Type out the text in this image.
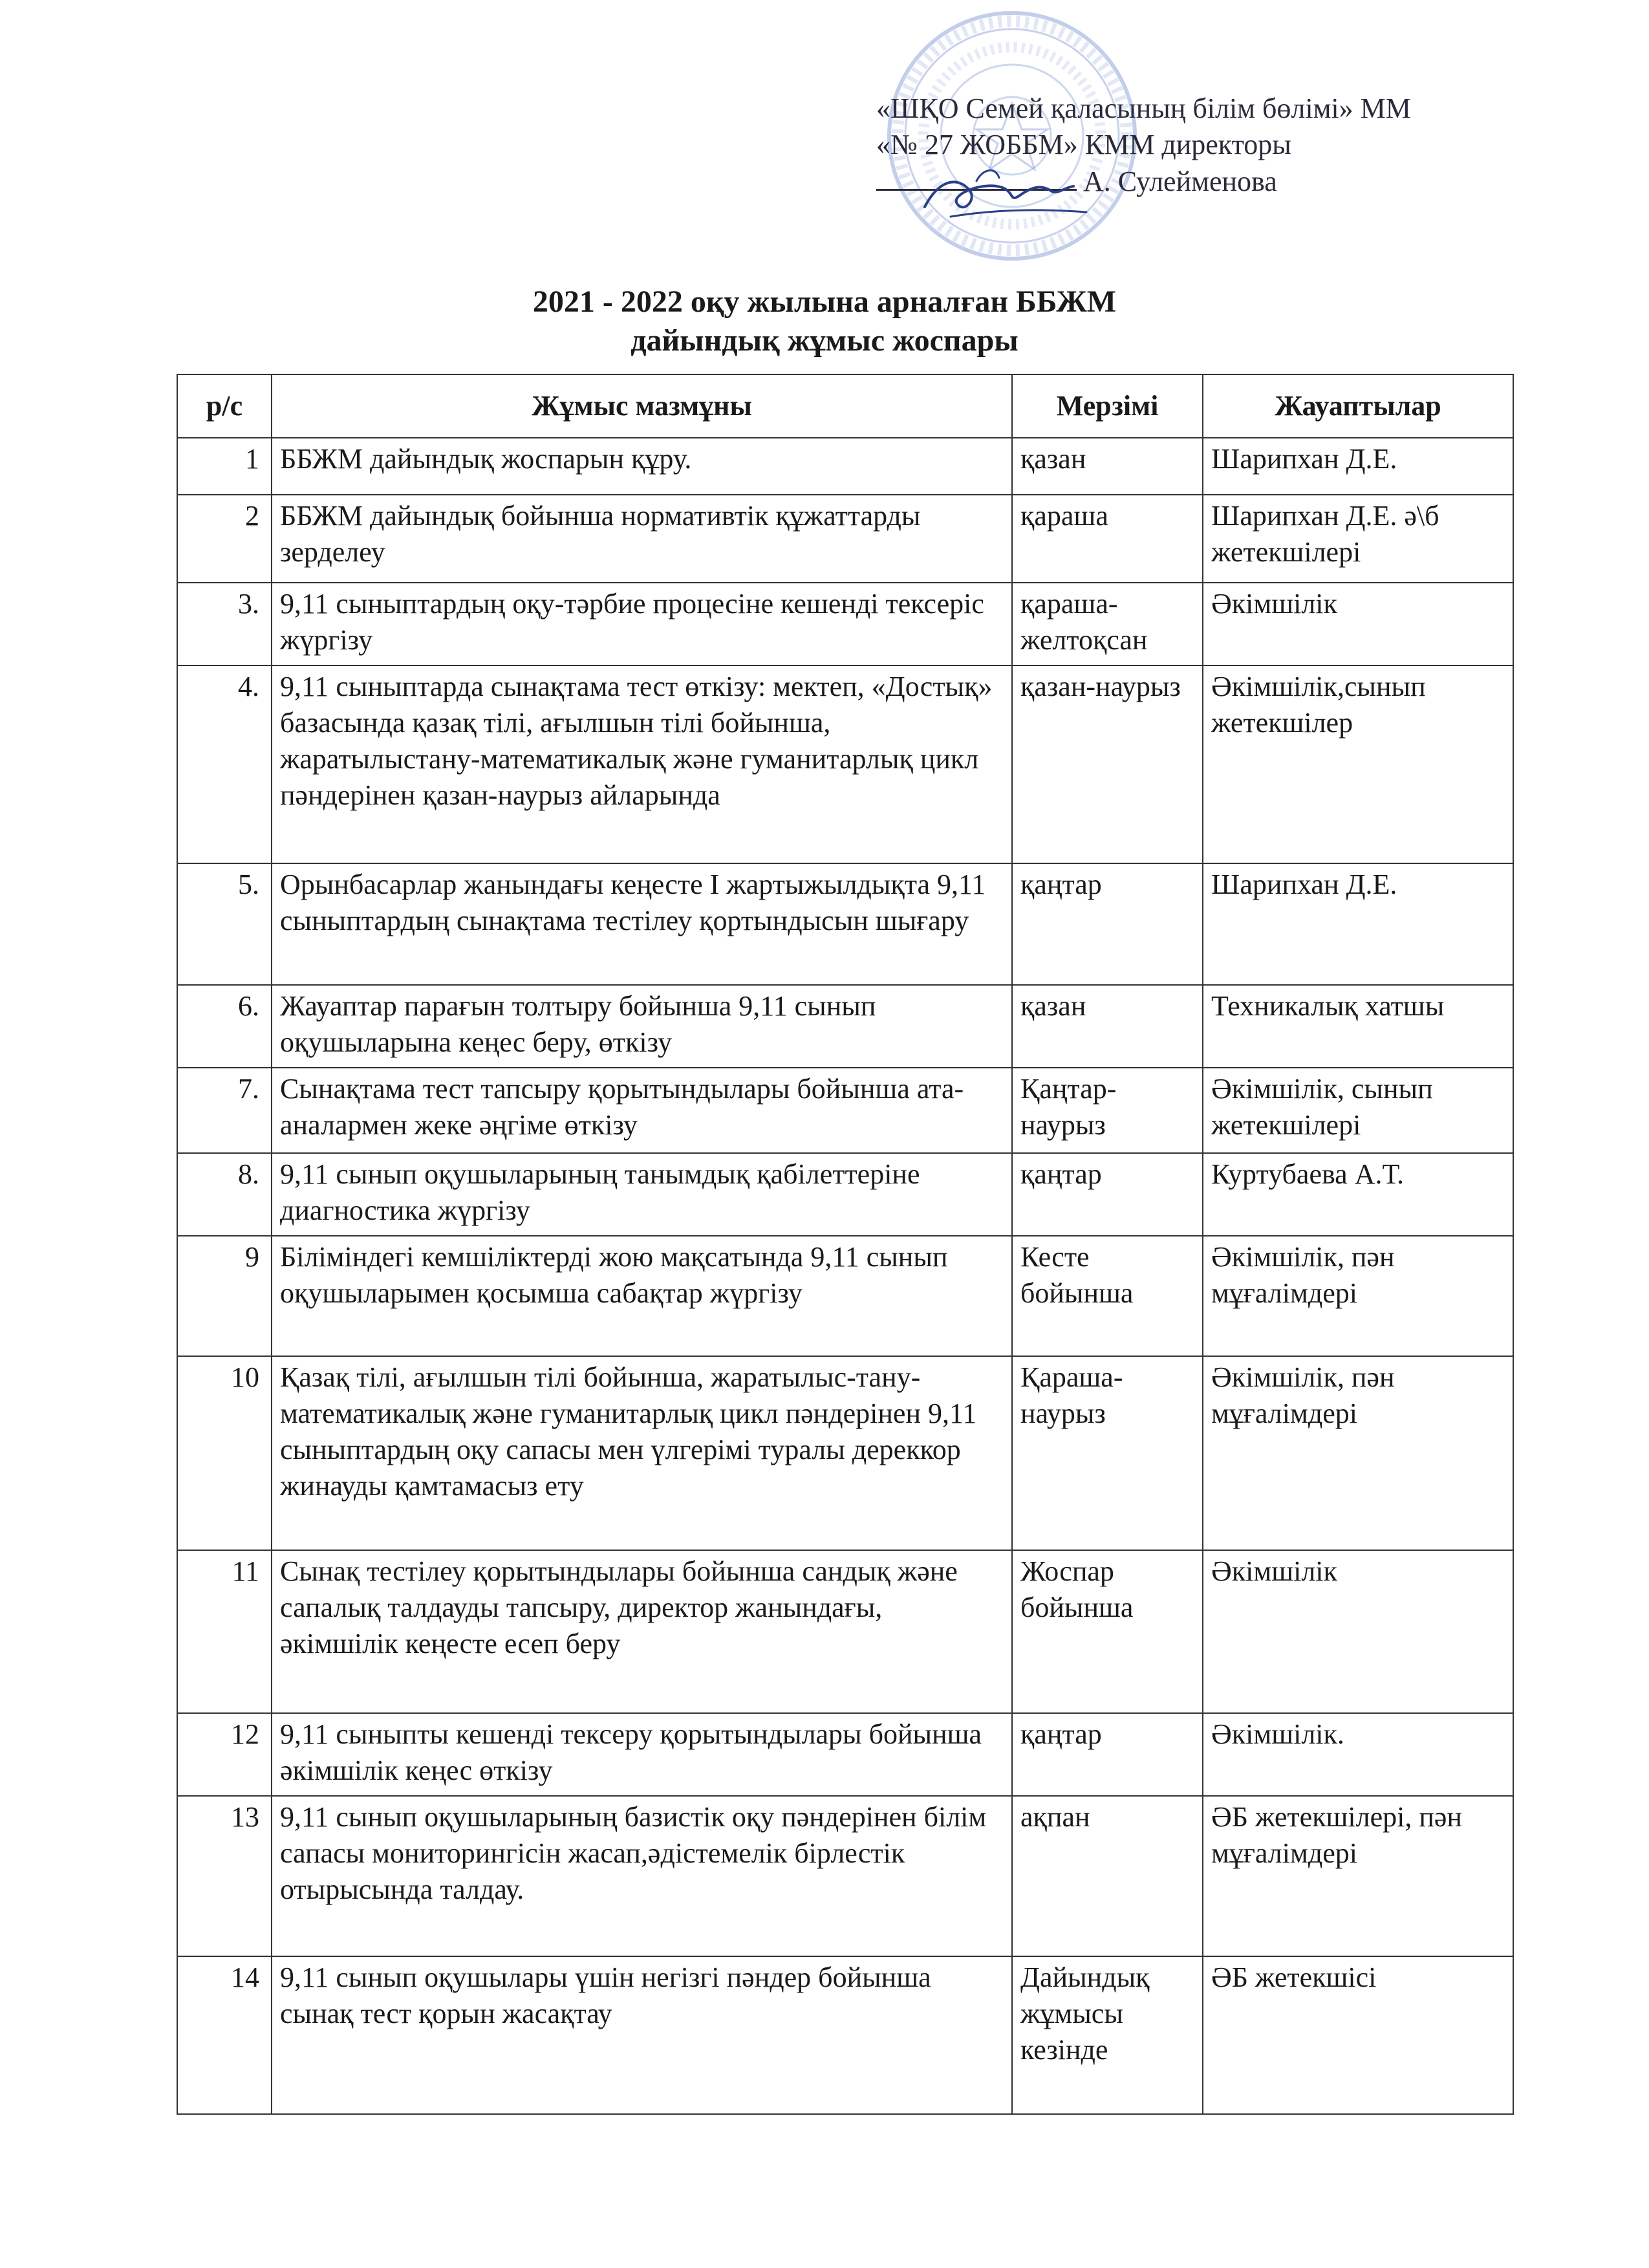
«ШҚО Семей қаласының білім бөлімі» ММ
«№ 27 ЖОББМ» КММ директоры
А. Сулейменова
2021 - 2022 оқу жылына арналған ББЖМ
дайындық жұмыс жоспары
р/с	Жұмыс мазмұны	Мерзімі	Жауаптылар
1	ББЖМ дайындық жоспарын құру.	қазан	Шарипхан Д.Е.
2	ББЖМ дайындық бойынша нормативтік құжаттарды зерделеу	қараша	Шарипхан Д.Е. ә\б жетекшілері
3.	9,11 сыныптардың оқу-тәрбие процесіне кешенді тексеріс жүргізу	қараша-желтоқсан	Әкімшілік
4.	9,11 сыныптарда сынақтама тест өткізу: мектеп, «Достық» базасында қазақ тілі, ағылшын тілі бойынша, жаратылыстану-математикалық және гуманитарлық цикл пәндерінен қазан-наурыз айларында	қазан-наурыз	Әкімшілік,сынып жетекшілер
5.	Орынбасарлар жанындағы кеңесте I жартыжылдықта 9,11 сыныптардың сынақтама тестілеу қортындысын шығару	қаңтар	Шарипхан Д.Е.
6.	Жауаптар парағын толтыру бойынша 9,11 сынып оқушыларына кеңес беру, өткізу	қазан	Техникалық хатшы
7.	Сынақтама тест тапсыру қорытындылары бойынша ата-аналармен жеке әңгіме өткізу	Қаңтар-наурыз	Әкімшілік, сынып жетекшілері
8.	9,11 сынып оқушыларының танымдық қабілеттеріне диагностика жүргізу	қаңтар	Куртубаева А.Т.
9	Біліміндегі кемшіліктерді жою мақсатында 9,11 сынып оқушыларымен қосымша сабақтар жүргізу	Кесте бойынша	Әкімшілік, пән мұғалімдері
10	Қазақ тілі, ағылшын тілі бойынша, жаратылыс-тану-математикалық және гуманитарлық цикл пәндерінен 9,11 сыныптардың оқу сапасы мен үлгерімі туралы дереккор жинауды қамтамасыз ету	Қараша-наурыз	Әкімшілік, пән мұғалімдері
11	Сынақ тестілеу қорытындылары бойынша сандық және сапалық талдауды тапсыру, директор жанындағы, әкімшілік кеңесте есеп беру	Жоспар бойынша	Әкімшілік
12	9,11 сыныпты кешенді тексеру қорытындылары бойынша әкімшілік кеңес өткізу	қаңтар	Әкімшілік.
13	9,11 сынып оқушыларының базистік оқу пәндерінен білім сапасы мониторингісін жасап,әдістемелік бірлестік отырысында талдау.	ақпан	ӘБ жетекшілері, пән мұғалімдері
14	9,11 сынып оқушылары үшін негізгі пәндер бойынша сынақ тест қорын жасақтау	Дайындық жұмысы кезінде	ӘБ жетекшісі
